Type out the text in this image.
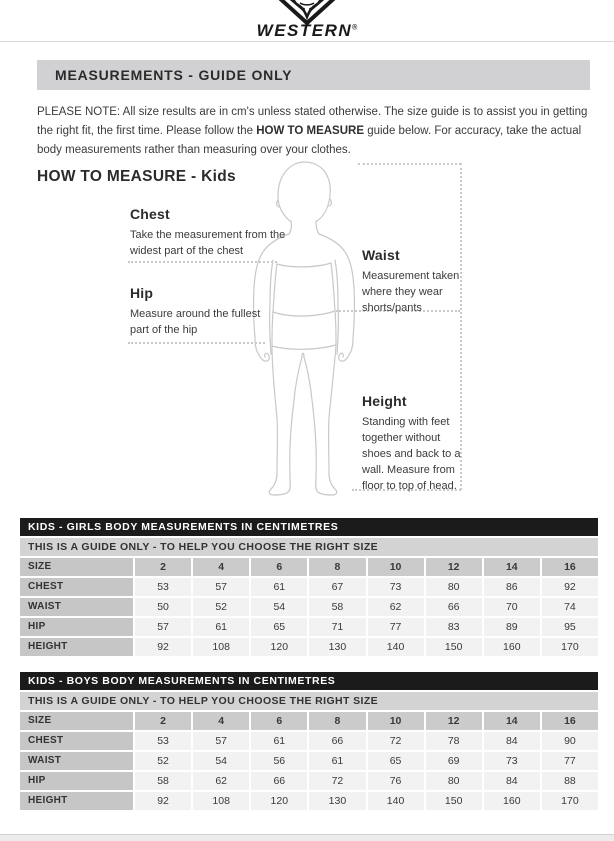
WESTERN®
MEASUREMENTS - GUIDE ONLY

PLEASE NOTE: All size results are in cm's unless stated otherwise. The size guide is to assist you in getting the right fit, the first time. Please follow the HOW TO MEASURE guide below. For accuracy, take the actual body measurements rather than measuring over your clothes.

HOW TO MEASURE - Kids
Chest

Take the measurement from the widest part of the chest

Hip

Measure around the fullest part of the hip

Waist

Measurement taken where they wear shorts/pants

Height

Standing with feet together without shoes and back to a wall. Measure from floor to top of head.

KIDS - GIRLS BODY MEASUREMENTS IN CENTIMETRES
THIS IS A GUIDE ONLY - TO HELP YOU CHOOSE THE RIGHT SIZE
SIZE	2	4	6	8	10	12	14	16
CHEST	53	57	61	67	73	80	86	92
WAIST	50	52	54	58	62	66	70	74
HIP	57	61	65	71	77	83	89	95
HEIGHT	92	108	120	130	140	150	160	170
KIDS - BOYS BODY MEASUREMENTS IN CENTIMETRES
THIS IS A GUIDE ONLY - TO HELP YOU CHOOSE THE RIGHT SIZE
SIZE	2	4	6	8	10	12	14	16
CHEST	53	57	61	66	72	78	84	90
WAIST	52	54	56	61	65	69	73	77
HIP	58	62	66	72	76	80	84	88
HEIGHT	92	108	120	130	140	150	160	170
